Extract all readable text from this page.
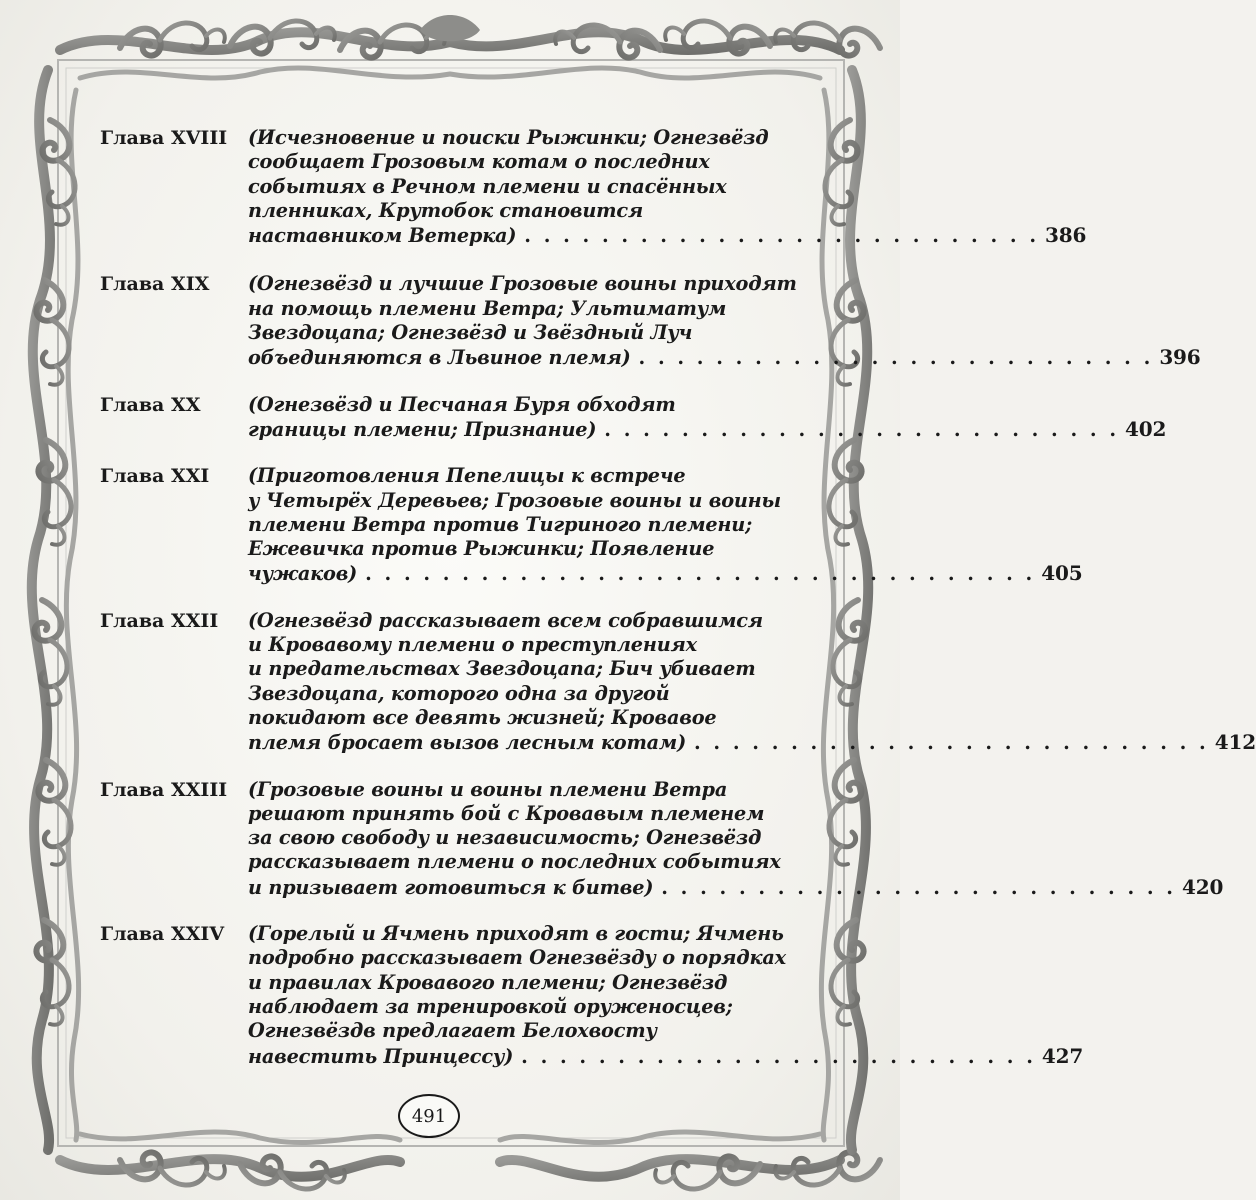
Глава XVIII	(Исчезновение и поиски Рыжинки; Огнезвёзд
сообщает Грозовым котам о последних
событиях в Речном племени и спасённых
пленниках, Крутобок становится
наставником Ветерка) . . . . . . . . . . . . . . . . . . . . . . . . . . . 386
Глава XIX	(Огнезвёзд и лучшие Грозовые воины приходят
на помощь племени Ветра; Ультиматум
Звездоцапа; Огнезвёзд и Звёздный Луч
объединяются в Львиное племя) . . . . . . . . . . . . . . . . . . . . . . . . . . . 396
Глава XX	(Огнезвёзд и Песчаная Буря обходят
границы племени; Признание) . . . . . . . . . . . . . . . . . . . . . . . . . . . 402
Глава XXI	(Приготовления Пепелицы к встрече
у Четырёх Деревьев; Грозовые воины и воины
племени Ветра против Тигриного племени;
Ежевичка против Рыжинки; Появление
чужаков) . . . . . . . . . . . . . . . . . . . . . . . . . . . . . . . . . . . 405
Глава XXII	(Огнезвёзд рассказывает всем собравшимся
и Кровавому племени о преступлениях
и предательствах Звездоцапа; Бич убивает
Звездоцапа, которого одна за другой
покидают все девять жизней; Кровавое
племя бросает вызов лесным котам) . . . . . . . . . . . . . . . . . . . . . . . . . . . 412
Глава XXIII	(Грозовые воины и воины племени Ветра
решают принять бой с Кровавым племенем
за свою свободу и независимость; Огнезвёзд
рассказывает племени о последних событиях
и призывает готовиться к битве) . . . . . . . . . . . . . . . . . . . . . . . . . . . 420
Глава XXIV	(Горелый и Ячмень приходят в гости; Ячмень
подробно рассказывает Огнезвёзду о порядках
и правилах Кровавого племени; Огнезвёзд
наблюдает за тренировкой оруженосцев;
Огнезвёздв предлагает Белохвосту
навестить Принцессу) . . . . . . . . . . . . . . . . . . . . . . . . . . . 427
491
